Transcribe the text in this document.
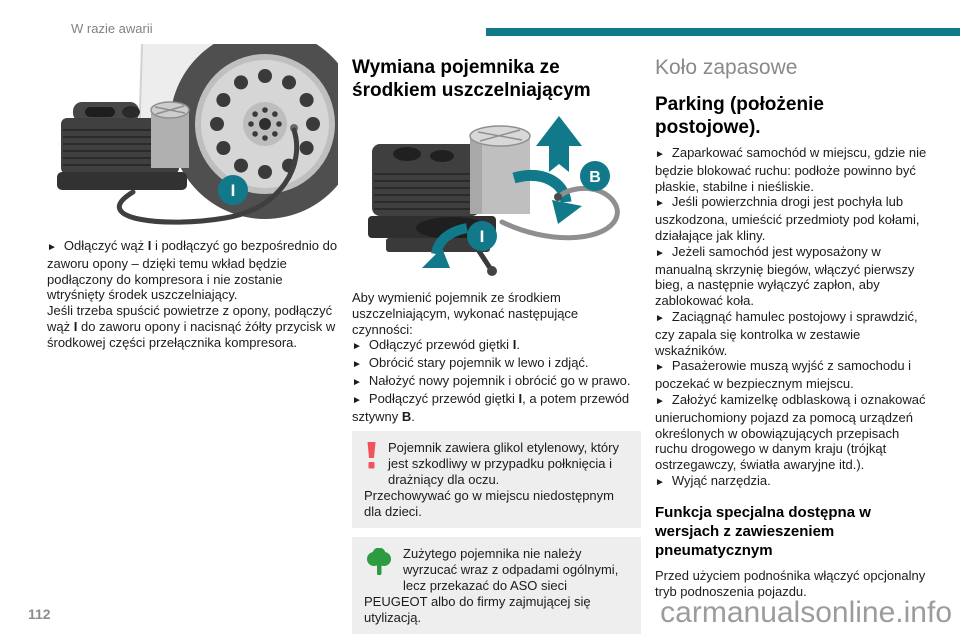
W razie awarii
I

► Odłączyć wąż I i podłączyć go bezpośrednio do zaworu opony – dzięki temu wkład będzie podłączony do kompresora i nie zostanie wtryśnięty środek uszczelniający.

Jeśli trzeba spuścić powietrze z opony, podłączyć wąż I do zaworu opony i nacisnąć żółty przycisk w środkowej części przełącznika kompresora.

Wymiana pojemnika ze środkiem uszczelniającym
B
I

Aby wymienić pojemnik ze środkiem uszczelniającym, wykonać następujące czynności:

► Odłączyć przewód giętki I.

► Obrócić stary pojemnik w lewo i zdjąć.

► Nałożyć nowy pojemnik i obrócić go w prawo.

► Podłączyć przewód giętki I, a potem przewód sztywny B.

Pojemnik zawiera glikol etylenowy, który jest szkodliwy w przypadku połknięcia i drażniący dla oczu.

Przechowywać go w miejscu niedostępnym dla dzieci.

Zużytego pojemnika nie należy wyrzucać wraz z odpadami ogólnymi, lecz przekazać do ASO sieci PEUGEOT albo do firmy zajmującej się utylizacją.

Koło zapasowe
Parking (położenie postojowe).

► Zaparkować samochód w miejscu, gdzie nie będzie blokować ruchu: podłoże powinno być płaskie, stabilne i nieśliskie.

► Jeśli powierzchnia drogi jest pochyła lub uszkodzona, umieścić przedmioty pod kołami, działające jak kliny.

► Jeżeli samochód jest wyposażony w manualną skrzynię biegów, włączyć pierwszy bieg, a następnie wyłączyć zapłon, aby zablokować koła.

► Zaciągnąć hamulec postojowy i sprawdzić, czy zapala się kontrolka w zestawie wskaźników.

► Pasażerowie muszą wyjść z samochodu i poczekać w bezpiecznym miejscu.

► Założyć kamizelkę odblaskową i oznakować unieruchomiony pojazd za pomocą urządzeń określonych w obowiązujących przepisach ruchu drogowego w danym kraju (trójkąt ostrzegawczy, światła awaryjne itd.).

► Wyjąć narzędzia.

Funkcja specjalna dostępna w wersjach z zawieszeniem pneumatycznym

Przed użyciem podnośnika włączyć opcjonalny tryb podnoszenia pojazdu.

112	carmanualsonline.info
